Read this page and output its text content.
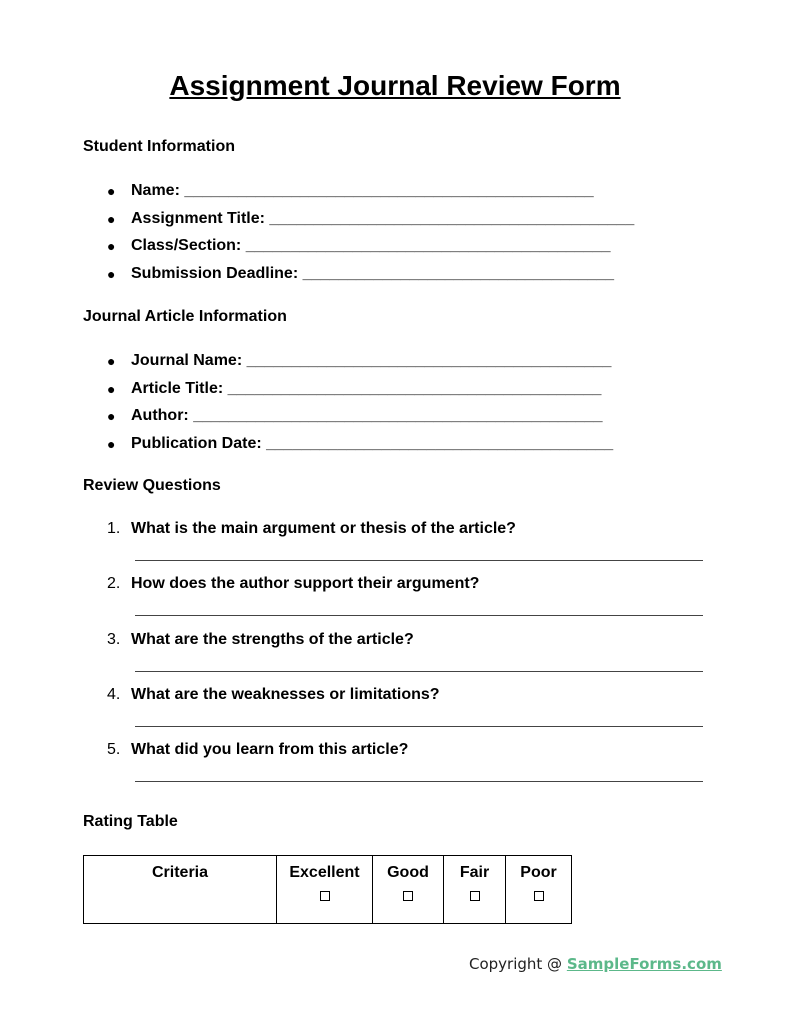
Assignment Journal Review Form
Student Information
● Name: ______________________________________________
● Assignment Title: _________________________________________
● Class/Section: _________________________________________
● Submission Deadline: ___________________________________
Journal Article Information
● Journal Name: _________________________________________
● Article Title: __________________________________________
● Author: ______________________________________________
● Publication Date: _______________________________________
Review Questions
1. What is the main argument or thesis of the article?
2. How does the author support their argument?
3. What are the strengths of the article?
4. What are the weaknesses or limitations?
5. What did you learn from this article?
Rating Table
Criteria	Excellent	Good	Fair	Poor
Copyright @ SampleForms.com
